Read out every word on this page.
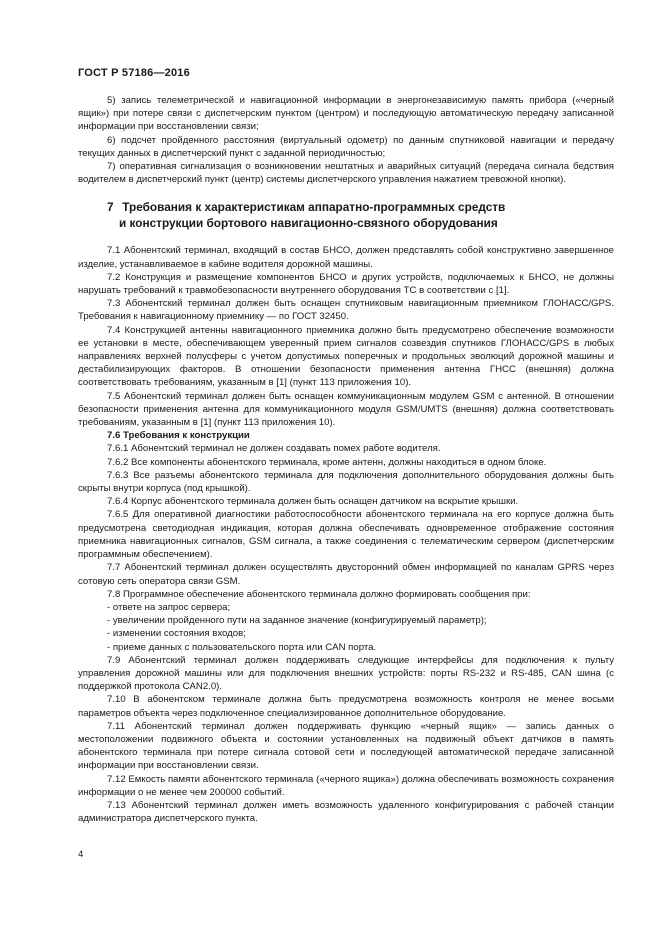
ГОСТ Р 57186—2016

5) запись телеметрической и навигационной информации в энергонезависимую память прибора («черный ящик») при потере связи с диспетчерским пунктом (центром) и последующую автоматическую передачу записанной информации при восстановлении связи;

6) подсчет пройденного расстояния (виртуальный одометр) по данным спутниковой навигации и передачу текущих данных в диспетчерский пункт с заданной периодичностью;

7) оперативная сигнализация о возникновении нештатных и аварийных ситуаций (передача сигнала бедствия водителем в диспетчерский пункт (центр) системы диспетчерского управления нажатием тревожной кнопки).

7 Требования к характеристикам аппаратно-программных средств
и конструкции бортового навигационно-связного оборудования

7.1 Абонентский терминал, входящий в состав БНСО, должен представлять собой конструктивно завершенное изделие, устанавливаемое в кабине водителя дорожной машины.

7.2 Конструкция и размещение компонентов БНСО и других устройств, подключаемых к БНСО, не должны нарушать требований к травмобезопасности внутреннего оборудования ТС в соответствии с [1].

7.3 Абонентский терминал должен быть оснащен спутниковым навигационным приемником ГЛОНАСС/GPS. Требования к навигационному приемнику — по ГОСТ 32450.

7.4 Конструкцией антенны навигационного приемника должно быть предусмотрено обеспечение возможности ее установки в месте, обеспечивающем уверенный прием сигналов созвездия спутников ГЛОНАСС/GPS в любых направлениях верхней полусферы с учетом допустимых поперечных и продольных эволюций дорожной машины и дестабилизирующих факторов. В отношении безопасности применения антенна ГНСС (внешняя) должна соответствовать требованиям, указанным в [1] (пункт 113 приложения 10).

7.5 Абонентский терминал должен быть оснащен коммуникационным модулем GSM с антенной. В отношении безопасности применения антенна для коммуникационного модуля GSM/UMTS (внешняя) должна соответствовать требованиям, указанным в [1] (пункт 113 приложения 10).

7.6 Требования к конструкции

7.6.1 Абонентский терминал не должен создавать помех работе водителя.

7.6.2 Все компоненты абонентского терминала, кроме антенн, должны находиться в одном блоке.

7.6.3 Все разъемы абонентского терминала для подключения дополнительного оборудования должны быть скрыты внутри корпуса (под крышкой).

7.6.4 Корпус абонентского терминала должен быть оснащен датчиком на вскрытие крышки.

7.6.5 Для оперативной диагностики работоспособности абонентского терминала на его корпусе должна быть предусмотрена светодиодная индикация, которая должна обеспечивать одновременное отображение состояния приемника навигационных сигналов, GSM сигнала, а также соединения с телематическим сервером (диспетчерским программным обеспечением).

7.7 Абонентский терминал должен осуществлять двусторонний обмен информацией по каналам GPRS через сотовую сеть оператора связи GSM.

7.8 Программное обеспечение абонентского терминала должно формировать сообщения при:

- ответе на запрос сервера;

- увеличении пройденного пути на заданное значение (конфигурируемый параметр);

- изменении состояния входов;

- приеме данных с пользовательского порта или CAN порта.

7.9 Абонентский терминал должен поддерживать следующие интерфейсы для подключения к пульту управления дорожной машины или для подключения внешних устройств: порты RS-232 и RS-485, CAN шина (с поддержкой протокола CAN2.0).

7.10 В абонентском терминале должна быть предусмотрена возможность контроля не менее восьми параметров объекта через подключенное специализированное дополнительное оборудование.

7.11 Абонентский терминал должен поддерживать функцию «черный ящик» — запись данных о местоположении подвижного объекта и состоянии установленных на подвижный объект датчиков в память абонентского терминала при потере сигнала сотовой сети и последующей автоматической передаче записанной информации при восстановлении связи.

7.12 Емкость памяти абонентского терминала («черного ящика») должна обеспечивать возможность сохранения информации о не менее чем 200000 событий.

7.13 Абонентский терминал должен иметь возможность удаленного конфигурирования с рабочей станции администратора диспетчерского пункта.

4
